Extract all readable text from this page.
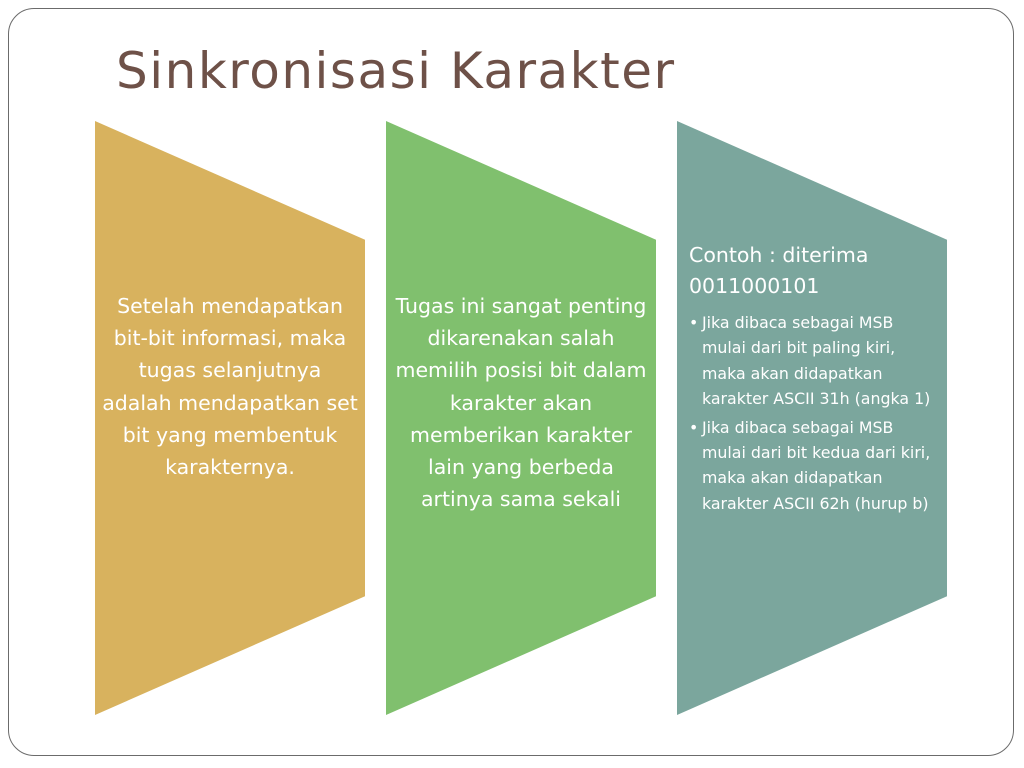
Sinkronisasi Karakter

Setelah mendapatkan bit-bit informasi, maka tugas selanjutnya adalah mendapatkan set bit yang membentuk karakternya.

Tugas ini sangat penting dikarenakan salah memilih posisi bit dalam karakter akan memberikan karakter lain yang berbeda artinya sama sekali

Contoh : diterima 0011000101

• Jika dibaca sebagai MSB mulai dari bit paling kiri, maka akan didapatkan karakter ASCII 31h (angka 1)
• Jika dibaca sebagai MSB mulai dari bit kedua dari kiri, maka akan didapatkan karakter ASCII 62h (hurup b)
